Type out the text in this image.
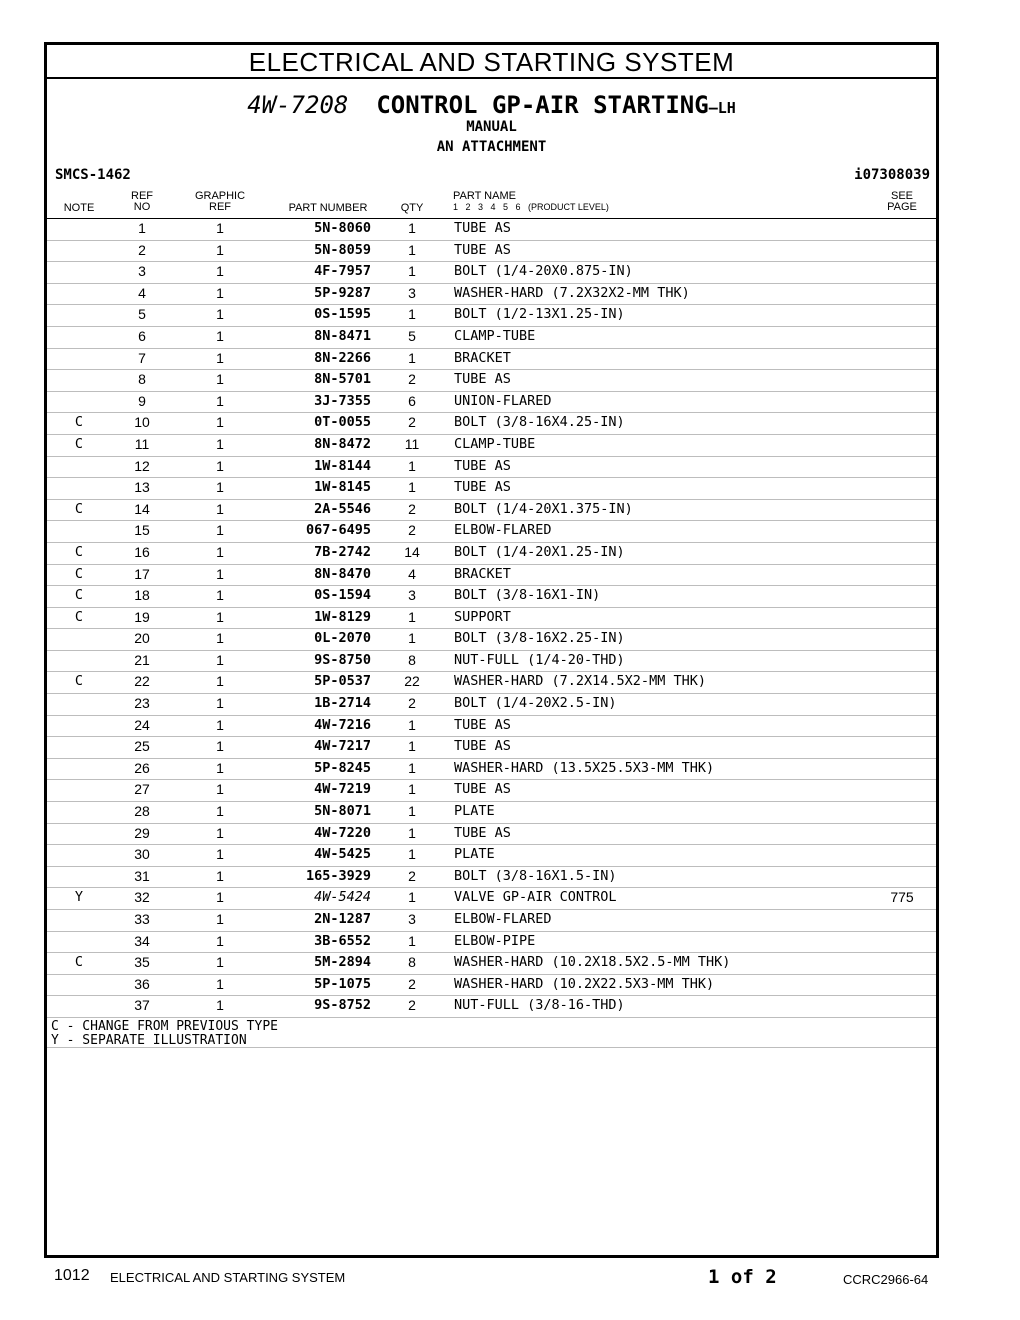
ELECTRICAL AND STARTING SYSTEM
4W-7208 CONTROL GP-AIR STARTING—LH
MANUAL
AN ATTACHMENT
SMCS-1462	i07308039
NOTE
REF
NO
GRAPHIC
REF	PART NUMBER	QTY
PART NAME
1   2   3   4   5   6   (PRODUCT LEVEL)
SEE
PAGE
1	1	5N-8060	1	TUBE AS
2	1	5N-8059	1	TUBE AS
3	1	4F-7957	1	BOLT (1/4-20X0.875-IN)
4	1	5P-9287	3	WASHER-HARD (7.2X32X2-MM THK)
5	1	0S-1595	1	BOLT (1/2-13X1.25-IN)
6	1	8N-8471	5	CLAMP-TUBE
7	1	8N-2266	1	BRACKET
8	1	8N-5701	2	TUBE AS
9	1	3J-7355	6	UNION-FLARED
C	10	1	0T-0055	2	BOLT (3/8-16X4.25-IN)
C	11	1	8N-8472	11	CLAMP-TUBE
12	1	1W-8144	1	TUBE AS
13	1	1W-8145	1	TUBE AS
C	14	1	2A-5546	2	BOLT (1/4-20X1.375-IN)
15	1	067-6495	2	ELBOW-FLARED
C	16	1	7B-2742	14	BOLT (1/4-20X1.25-IN)
C	17	1	8N-8470	4	BRACKET
C	18	1	0S-1594	3	BOLT (3/8-16X1-IN)
C	19	1	1W-8129	1	SUPPORT
20	1	0L-2070	1	BOLT (3/8-16X2.25-IN)
21	1	9S-8750	8	NUT-FULL (1/4-20-THD)
C	22	1	5P-0537	22	WASHER-HARD (7.2X14.5X2-MM THK)
23	1	1B-2714	2	BOLT (1/4-20X2.5-IN)
24	1	4W-7216	1	TUBE AS
25	1	4W-7217	1	TUBE AS
26	1	5P-8245	1	WASHER-HARD (13.5X25.5X3-MM THK)
27	1	4W-7219	1	TUBE AS
28	1	5N-8071	1	PLATE
29	1	4W-7220	1	TUBE AS
30	1	4W-5425	1	PLATE
31	1	165-3929	2	BOLT (3/8-16X1.5-IN)
Y	32	1	4W-5424	1	VALVE GP-AIR CONTROL	775
33	1	2N-1287	3	ELBOW-FLARED
34	1	3B-6552	1	ELBOW-PIPE
C	35	1	5M-2894	8	WASHER-HARD (10.2X18.5X2.5-MM THK)
36	1	5P-1075	2	WASHER-HARD (10.2X22.5X3-MM THK)
37	1	9S-8752	2	NUT-FULL (3/8-16-THD)
C - CHANGE FROM PREVIOUS TYPE
Y - SEPARATE ILLUSTRATION
1012 ELECTRICAL AND STARTING SYSTEM	1 of 2	CCRC2966-64
